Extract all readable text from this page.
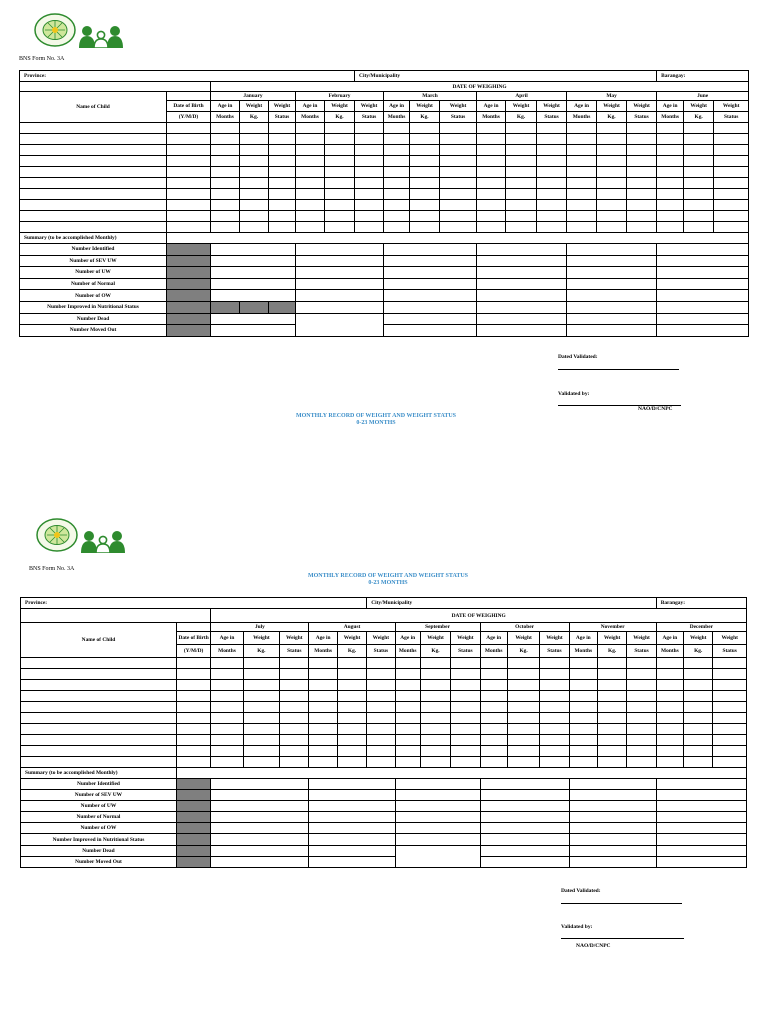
BNS Form No. 3A
Province:							City/Municipality										Barangay:		
		DATE OF WEIGHING																	
Name of Child		January			February			March			April			May			June		
	Date of Birth	Age in	Weight	Weight	Age in	Weight	Weight	Age in	Weight	Weight	Age in	Weight	Weight	Age in	Weight	Weight	Age in	Weight	Weight
	(Y/M/D)	Months	Kg.	Status	Months	Kg.	Status	Months	Kg.	Status	Months	Kg.	Status	Months	Kg.	Status	Months	Kg.	Status

Summary (to be accomplished Monthly)																			
Number Identified																			
Number of SEV UW																			
Number of UW																			
Number of Normal																			
Number of OW																			
Number Improved in Nutritional Status																			
Number Dead																			
Number Moved Out																			
Dated Validated:
Validated by:
NAO/D/CNPC
MONTHLY RECORD OF WEIGHT AND WEIGHT STATUS
0-23 MONTHS
BNS Form No. 3A
MONTHLY RECORD OF WEIGHT AND WEIGHT STATUS
0-23 MONTHS
Province:							City/Municipality										Barangay:		
		DATE OF WEIGHING																	
Name of Child		July			August			September			October			November			December		
	Date of Birth	Age in	Weight	Weight	Age in	Weight	Weight	Age in	Weight	Weight	Age in	Weight	Weight	Age in	Weight	Weight	Age in	Weight	Weight
	(Y/M/D)	Months	Kg.	Status	Months	Kg.	Status	Months	Kg.	Status	Months	Kg.	Status	Months	Kg.	Status	Months	Kg.	Status

Summary (to be accomplished Monthly)																			
Number Identified																			
Number of SEV UW																			
Number of UW																			
Number of Normal																			
Number of OW																			
Number Improved in Nutritional Status																			
Number Dead																			
Number Moved Out																			
Dated Validated:
Validated by:
NAO/D/CNPC
